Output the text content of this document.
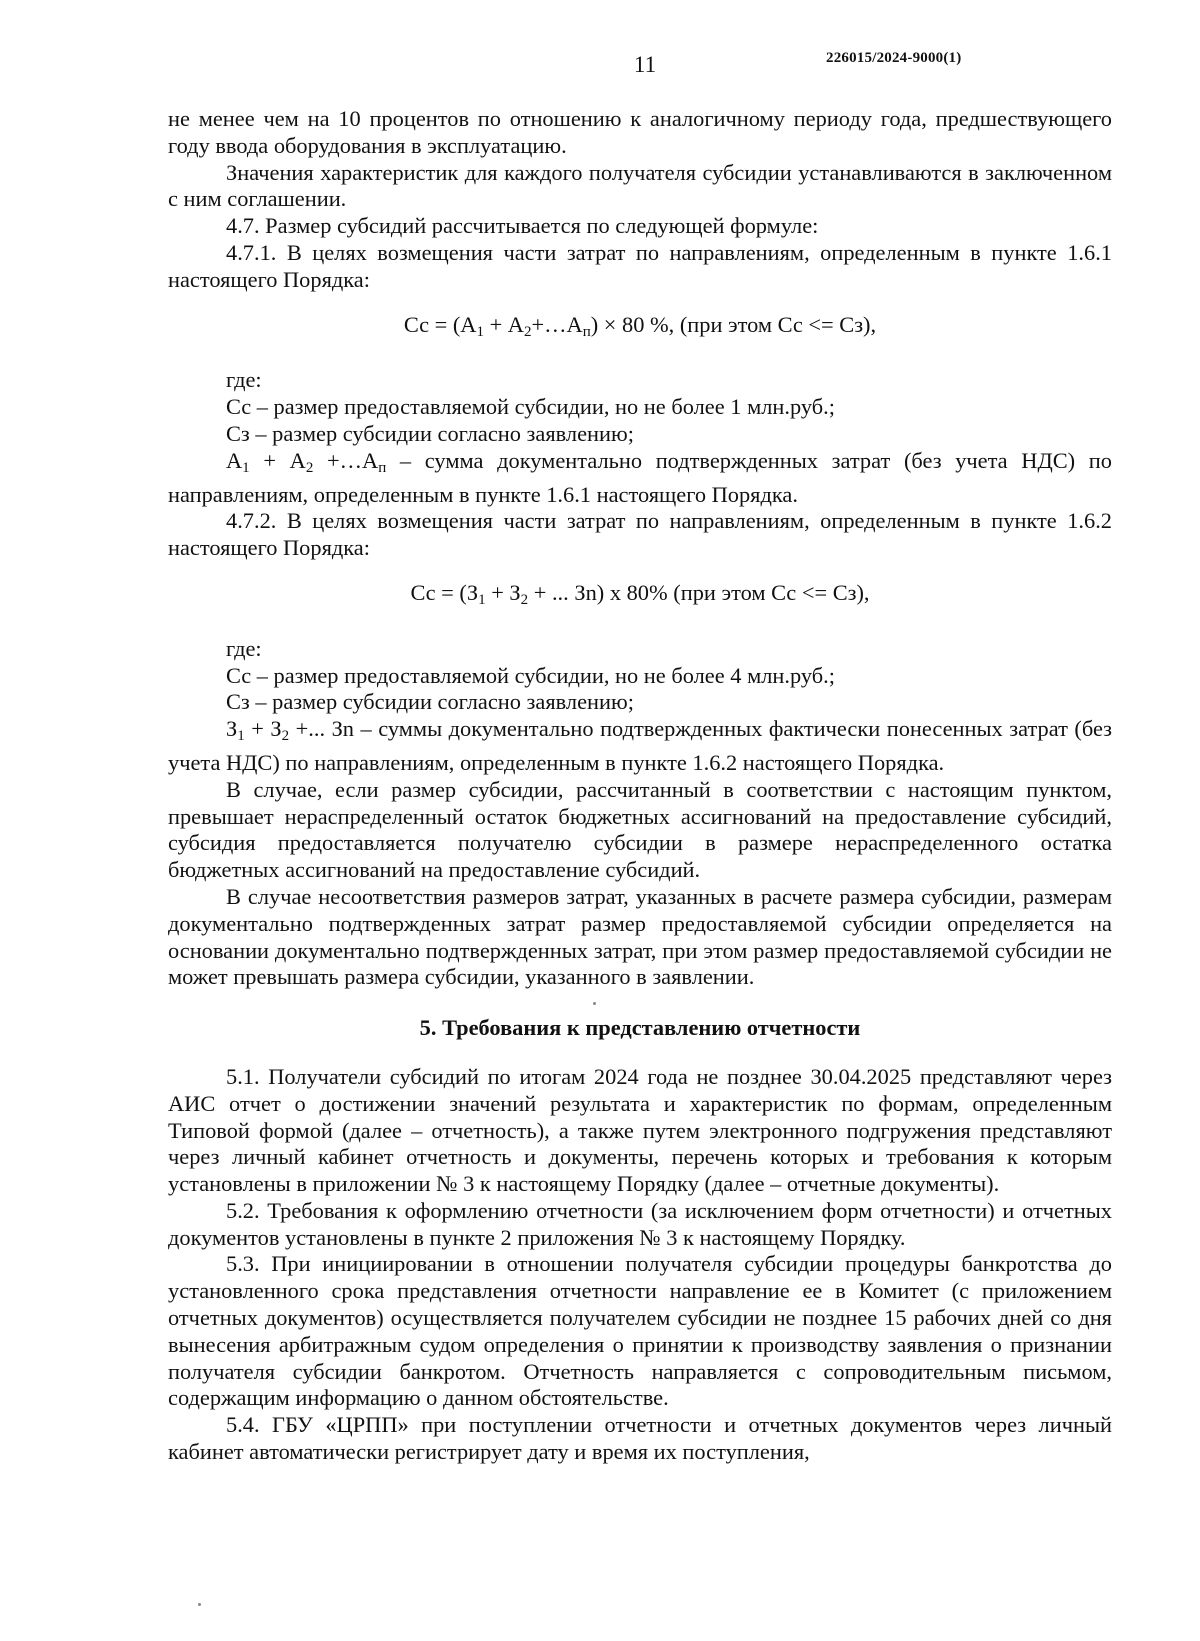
11	226015/2024-9000(1)

не менее чем на 10 процентов по отношению к аналогичному периоду года, предшествующего году ввода оборудования в эксплуатацию.

Значения характеристик для каждого получателя субсидии устанавливаются в заключенном с ним соглашении.

4.7. Размер субсидий рассчитывается по следующей формуле:

4.7.1. В целях возмещения части затрат по направлениям, определенным в пункте 1.6.1 настоящего Порядка:

Сс = ($А_1$ + $А_2+\dots А_п) \times 80$ %, (при этом Сс <= Сз),

где:

Сс – размер предоставляемой субсидии, но не более 1 млн.руб.;

Сз – размер субсидии согласно заявлению;

$А_1 + А_2$ $+\dots А_п$ – сумма документально подтвержденных затрат (без учета НДС) по направлениям, определенным в пункте 1.6.1 настоящего Порядка.

4.7.2. В целях возмещения части затрат по направлениям, определенным в пункте 1.6.2 настоящего Порядка:

Сс = ($З_1 + З_2$ + ... Зn) x 80% (при этом Сс <= Сз),

где:

Сс – размер предоставляемой субсидии, но не более 4 млн.руб.;

Сз – размер субсидии согласно заявлению;

З1 + З2 +... Зn – суммы документально подтвержденных фактически понесенных затрат (без учета НДС) по направлениям, определенным в пункте 1.6.2 настоящего Порядка.

В случае, если размер субсидии, рассчитанный в соответствии с настоящим пунктом, превышает нераспределенный остаток бюджетных ассигнований на предоставление субсидий, субсидия предоставляется получателю субсидии в размере нераспределенного остатка бюджетных ассигнований на предоставление субсидий.

В случае несоответствия размеров затрат, указанных в расчете размера субсидии, размерам документально подтвержденных затрат размер предоставляемой субсидии определяется на основании документально подтвержденных затрат, при этом размер предоставляемой субсидии не может превышать размера субсидии, указанного в заявлении.

5. Требования к представлению отчетности

5.1. Получатели субсидий по итогам 2024 года не позднее 30.04.2025 представляют через АИС отчет о достижении значений результата и характеристик по формам, определенным Типовой формой (далее – отчетность), а также путем электронного подгружения представляют через личный кабинет отчетность и документы, перечень которых и требования к которым установлены в приложении № 3 к настоящему Порядку (далее – отчетные документы).

5.2. Требования к оформлению отчетности (за исключением форм отчетности) и отчетных документов установлены в пункте 2 приложения № 3 к настоящему Порядку.

5.3. При инициировании в отношении получателя субсидии процедуры банкротства до установленного срока представления отчетности направление ее в Комитет (с приложением отчетных документов) осуществляется получателем субсидии не позднее 15 рабочих дней со дня вынесения арбитражным судом определения о принятии к производству заявления о признании получателя субсидии банкротом. Отчетность направляется с сопроводительным письмом, содержащим информацию о данном обстоятельстве.

5.4. ГБУ «ЦРПП» при поступлении отчетности и отчетных документов через личный кабинет автоматически регистрирует дату и время их поступления,
